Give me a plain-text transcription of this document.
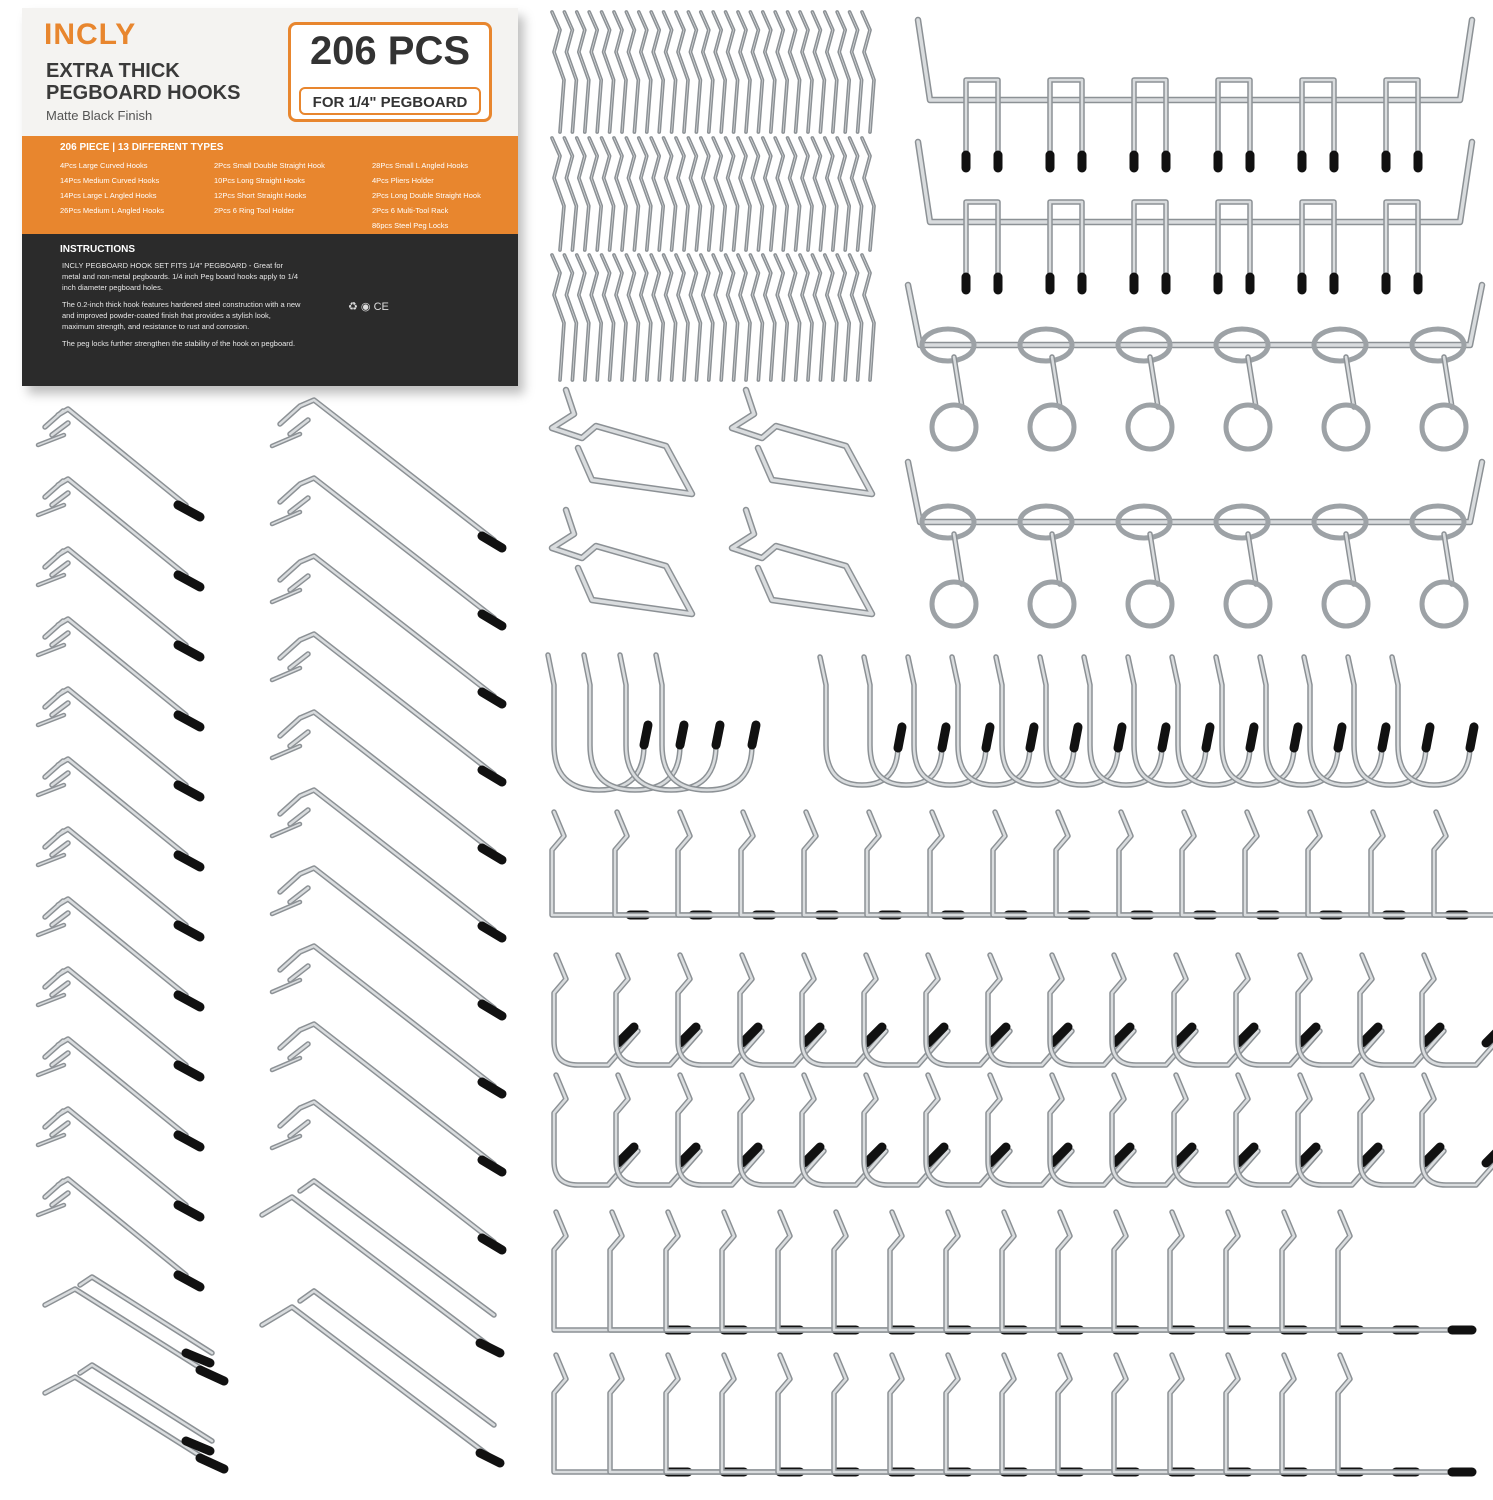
INCLY
EXTRA THICK
PEGBOARD HOOKS
Matte Black Finish
206 PCS
FOR 1/4" PEGBOARD
206 PIECE | 13 DIFFERENT TYPES
4Pcs Large Curved Hooks
14Pcs Medium Curved Hooks
14Pcs Large L Angled Hooks
26Pcs Medium L Angled Hooks
2Pcs Small Double Straight Hook
10Pcs Long Straight Hooks
12Pcs Short Straight Hooks
2Pcs 6 Ring Tool Holder
28Pcs Small L Angled Hooks
4Pcs Pliers Holder
2Pcs Long Double Straight Hook
2Pcs 6 Multi-Tool Rack
86pcs Steel Peg Locks
INSTRUCTIONS

INCLY PEGBOARD HOOK SET FITS 1/4" PEGBOARD - Great for metal and non-metal pegboards. 1/4 inch Peg board hooks apply to 1/4 inch diameter pegboard holes.

The 0.2-inch thick hook features hardened steel construction with a new and improved powder-coated finish that provides a stylish look, maximum strength, and resistance to rust and corrosion.

The peg locks further strengthen the stability of the hook on pegboard.

♻ ◉ CE
